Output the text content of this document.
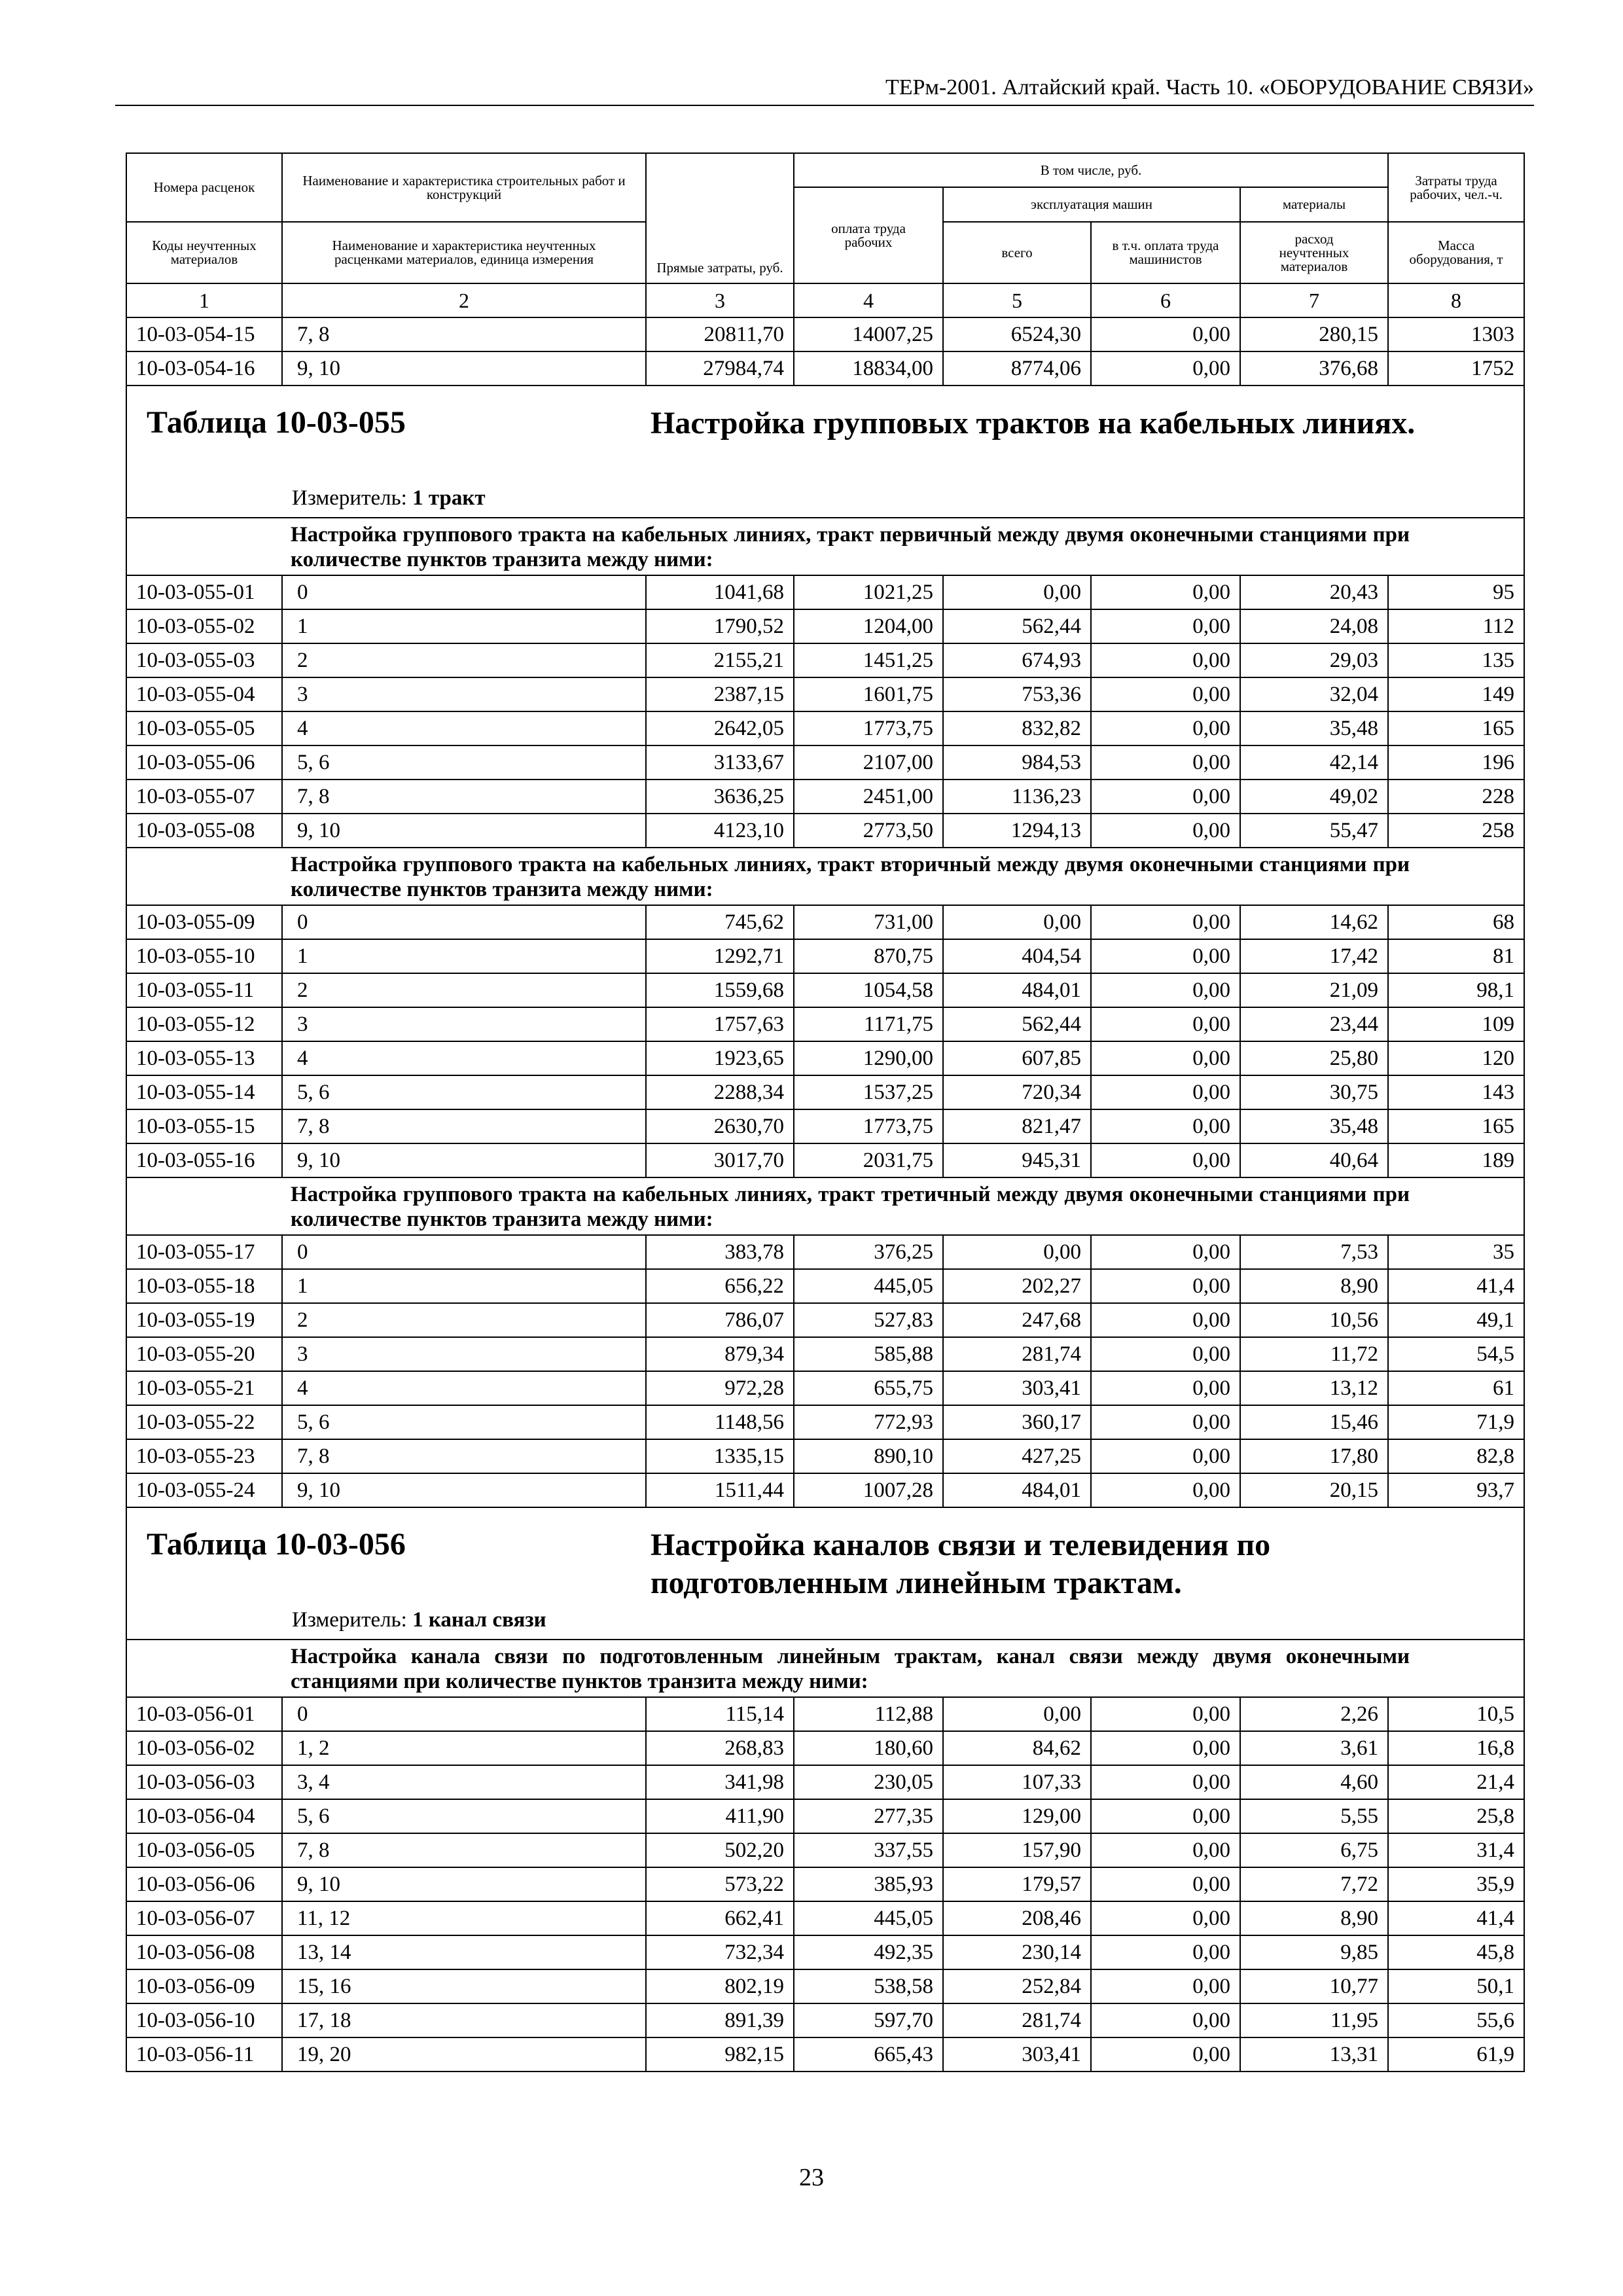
ТЕРм-2001. Алтайский край. Часть 10. «ОБОРУДОВАНИЕ СВЯЗИ»
Номера расценок	Наименование и характеристика строительных работ и конструкций	Прямые затраты, руб.	В том числе, руб.				Затраты труда рабочих, чел.-ч.
			оплата труда рабочих	эксплуатация машин		материалы	
				всего	в т.ч. оплата труда машинистов	расход неучтенных материалов	
Коды неучтенных материалов	Наименование и характеристика неучтенных расценками материалов, единица измерения						Масса оборудования, т

1	2	3	4	5	6	7	8
10-03-054-15	7, 8	20811,70	14007,25	6524,30	0,00	280,15	1303
10-03-054-16	9, 10	27984,74	18834,00	8774,06	0,00	376,68	1752

Таблица 10-03-055 Настройка групповых трактов на кабельных линиях.
Измеритель: 1 тракт							

Настройка группового тракта на кабельных линиях, тракт первичный между двумя оконечными станциями при количестве пунктов транзита между ними:							

10-03-055-01	0	1041,68	1021,25	0,00	0,00	20,43	95
10-03-055-02	1	1790,52	1204,00	562,44	0,00	24,08	112
10-03-055-03	2	2155,21	1451,25	674,93	0,00	29,03	135
10-03-055-04	3	2387,15	1601,75	753,36	0,00	32,04	149
10-03-055-05	4	2642,05	1773,75	832,82	0,00	35,48	165
10-03-055-06	5, 6	3133,67	2107,00	984,53	0,00	42,14	196
10-03-055-07	7, 8	3636,25	2451,00	1136,23	0,00	49,02	228
10-03-055-08	9, 10	4123,10	2773,50	1294,13	0,00	55,47	258

Настройка группового тракта на кабельных линиях, тракт вторичный между двумя оконечными станциями при количестве пунктов транзита между ними:							

10-03-055-09	0	745,62	731,00	0,00	0,00	14,62	68
10-03-055-10	1	1292,71	870,75	404,54	0,00	17,42	81
10-03-055-11	2	1559,68	1054,58	484,01	0,00	21,09	98,1
10-03-055-12	3	1757,63	1171,75	562,44	0,00	23,44	109
10-03-055-13	4	1923,65	1290,00	607,85	0,00	25,80	120
10-03-055-14	5, 6	2288,34	1537,25	720,34	0,00	30,75	143
10-03-055-15	7, 8	2630,70	1773,75	821,47	0,00	35,48	165
10-03-055-16	9, 10	3017,70	2031,75	945,31	0,00	40,64	189

Настройка группового тракта на кабельных линиях, тракт третичный между двумя оконечными станциями при количестве пунктов транзита между ними:							

10-03-055-17	0	383,78	376,25	0,00	0,00	7,53	35
10-03-055-18	1	656,22	445,05	202,27	0,00	8,90	41,4
10-03-055-19	2	786,07	527,83	247,68	0,00	10,56	49,1
10-03-055-20	3	879,34	585,88	281,74	0,00	11,72	54,5
10-03-055-21	4	972,28	655,75	303,41	0,00	13,12	61
10-03-055-22	5, 6	1148,56	772,93	360,17	0,00	15,46	71,9
10-03-055-23	7, 8	1335,15	890,10	427,25	0,00	17,80	82,8
10-03-055-24	9, 10	1511,44	1007,28	484,01	0,00	20,15	93,7

Таблица 10-03-056 Настройка каналов связи и телевидения по подготовленным линейным трактам.
Измеритель: 1 канал связи							

Настройка канала связи по подготовленным линейным трактам, канал связи между двумя оконечными станциями при количестве пунктов транзита между ними:							

10-03-056-01	0	115,14	112,88	0,00	0,00	2,26	10,5
10-03-056-02	1, 2	268,83	180,60	84,62	0,00	3,61	16,8
10-03-056-03	3, 4	341,98	230,05	107,33	0,00	4,60	21,4
10-03-056-04	5, 6	411,90	277,35	129,00	0,00	5,55	25,8
10-03-056-05	7, 8	502,20	337,55	157,90	0,00	6,75	31,4
10-03-056-06	9, 10	573,22	385,93	179,57	0,00	7,72	35,9
10-03-056-07	11, 12	662,41	445,05	208,46	0,00	8,90	41,4
10-03-056-08	13, 14	732,34	492,35	230,14	0,00	9,85	45,8
10-03-056-09	15, 16	802,19	538,58	252,84	0,00	10,77	50,1
10-03-056-10	17, 18	891,39	597,70	281,74	0,00	11,95	55,6
10-03-056-11	19, 20	982,15	665,43	303,41	0,00	13,31	61,9
23
